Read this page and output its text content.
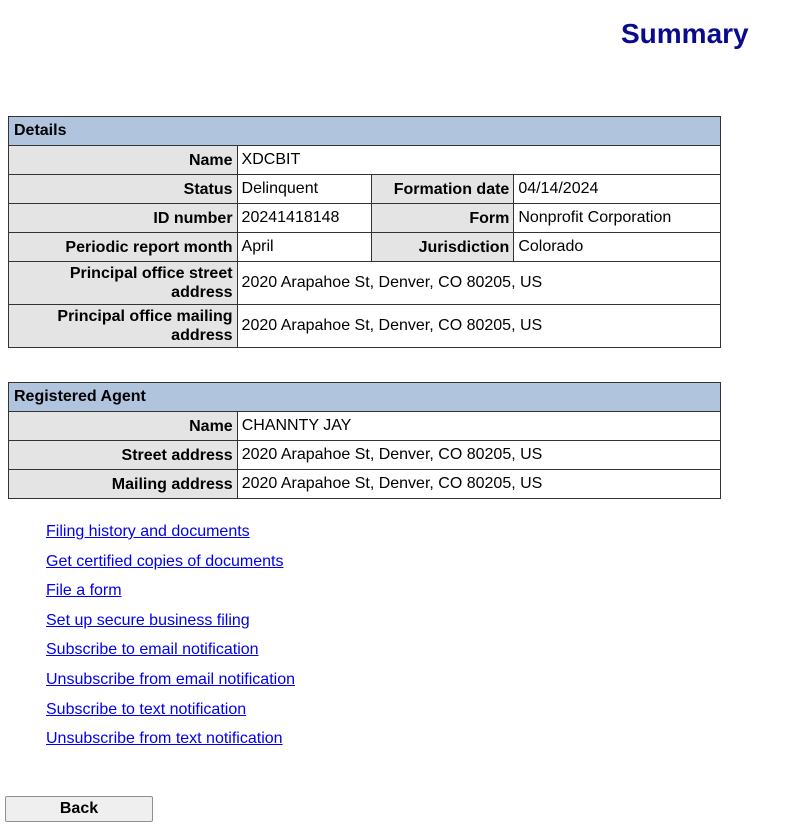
Summary
Details			
Name	XDCBIT		
Status	Delinquent	Formation date	04/14/2024
ID number	20241418148	Form	Nonprofit Corporation
Periodic report month	April	Jurisdiction	Colorado
Principal office street address	2020 Arapahoe St, Denver, CO 80205, US		
Principal office mailing address	2020 Arapahoe St, Denver, CO 80205, US		
Registered Agent	
Name	CHANNTY JAY
Street address	2020 Arapahoe St, Denver, CO 80205, US
Mailing address	2020 Arapahoe St, Denver, CO 80205, US
Filing history and documents
Get certified copies of documents
File a form
Set up secure business filing
Subscribe to email notification
Unsubscribe from email notification
Subscribe to text notification
Unsubscribe from text notification
Back
